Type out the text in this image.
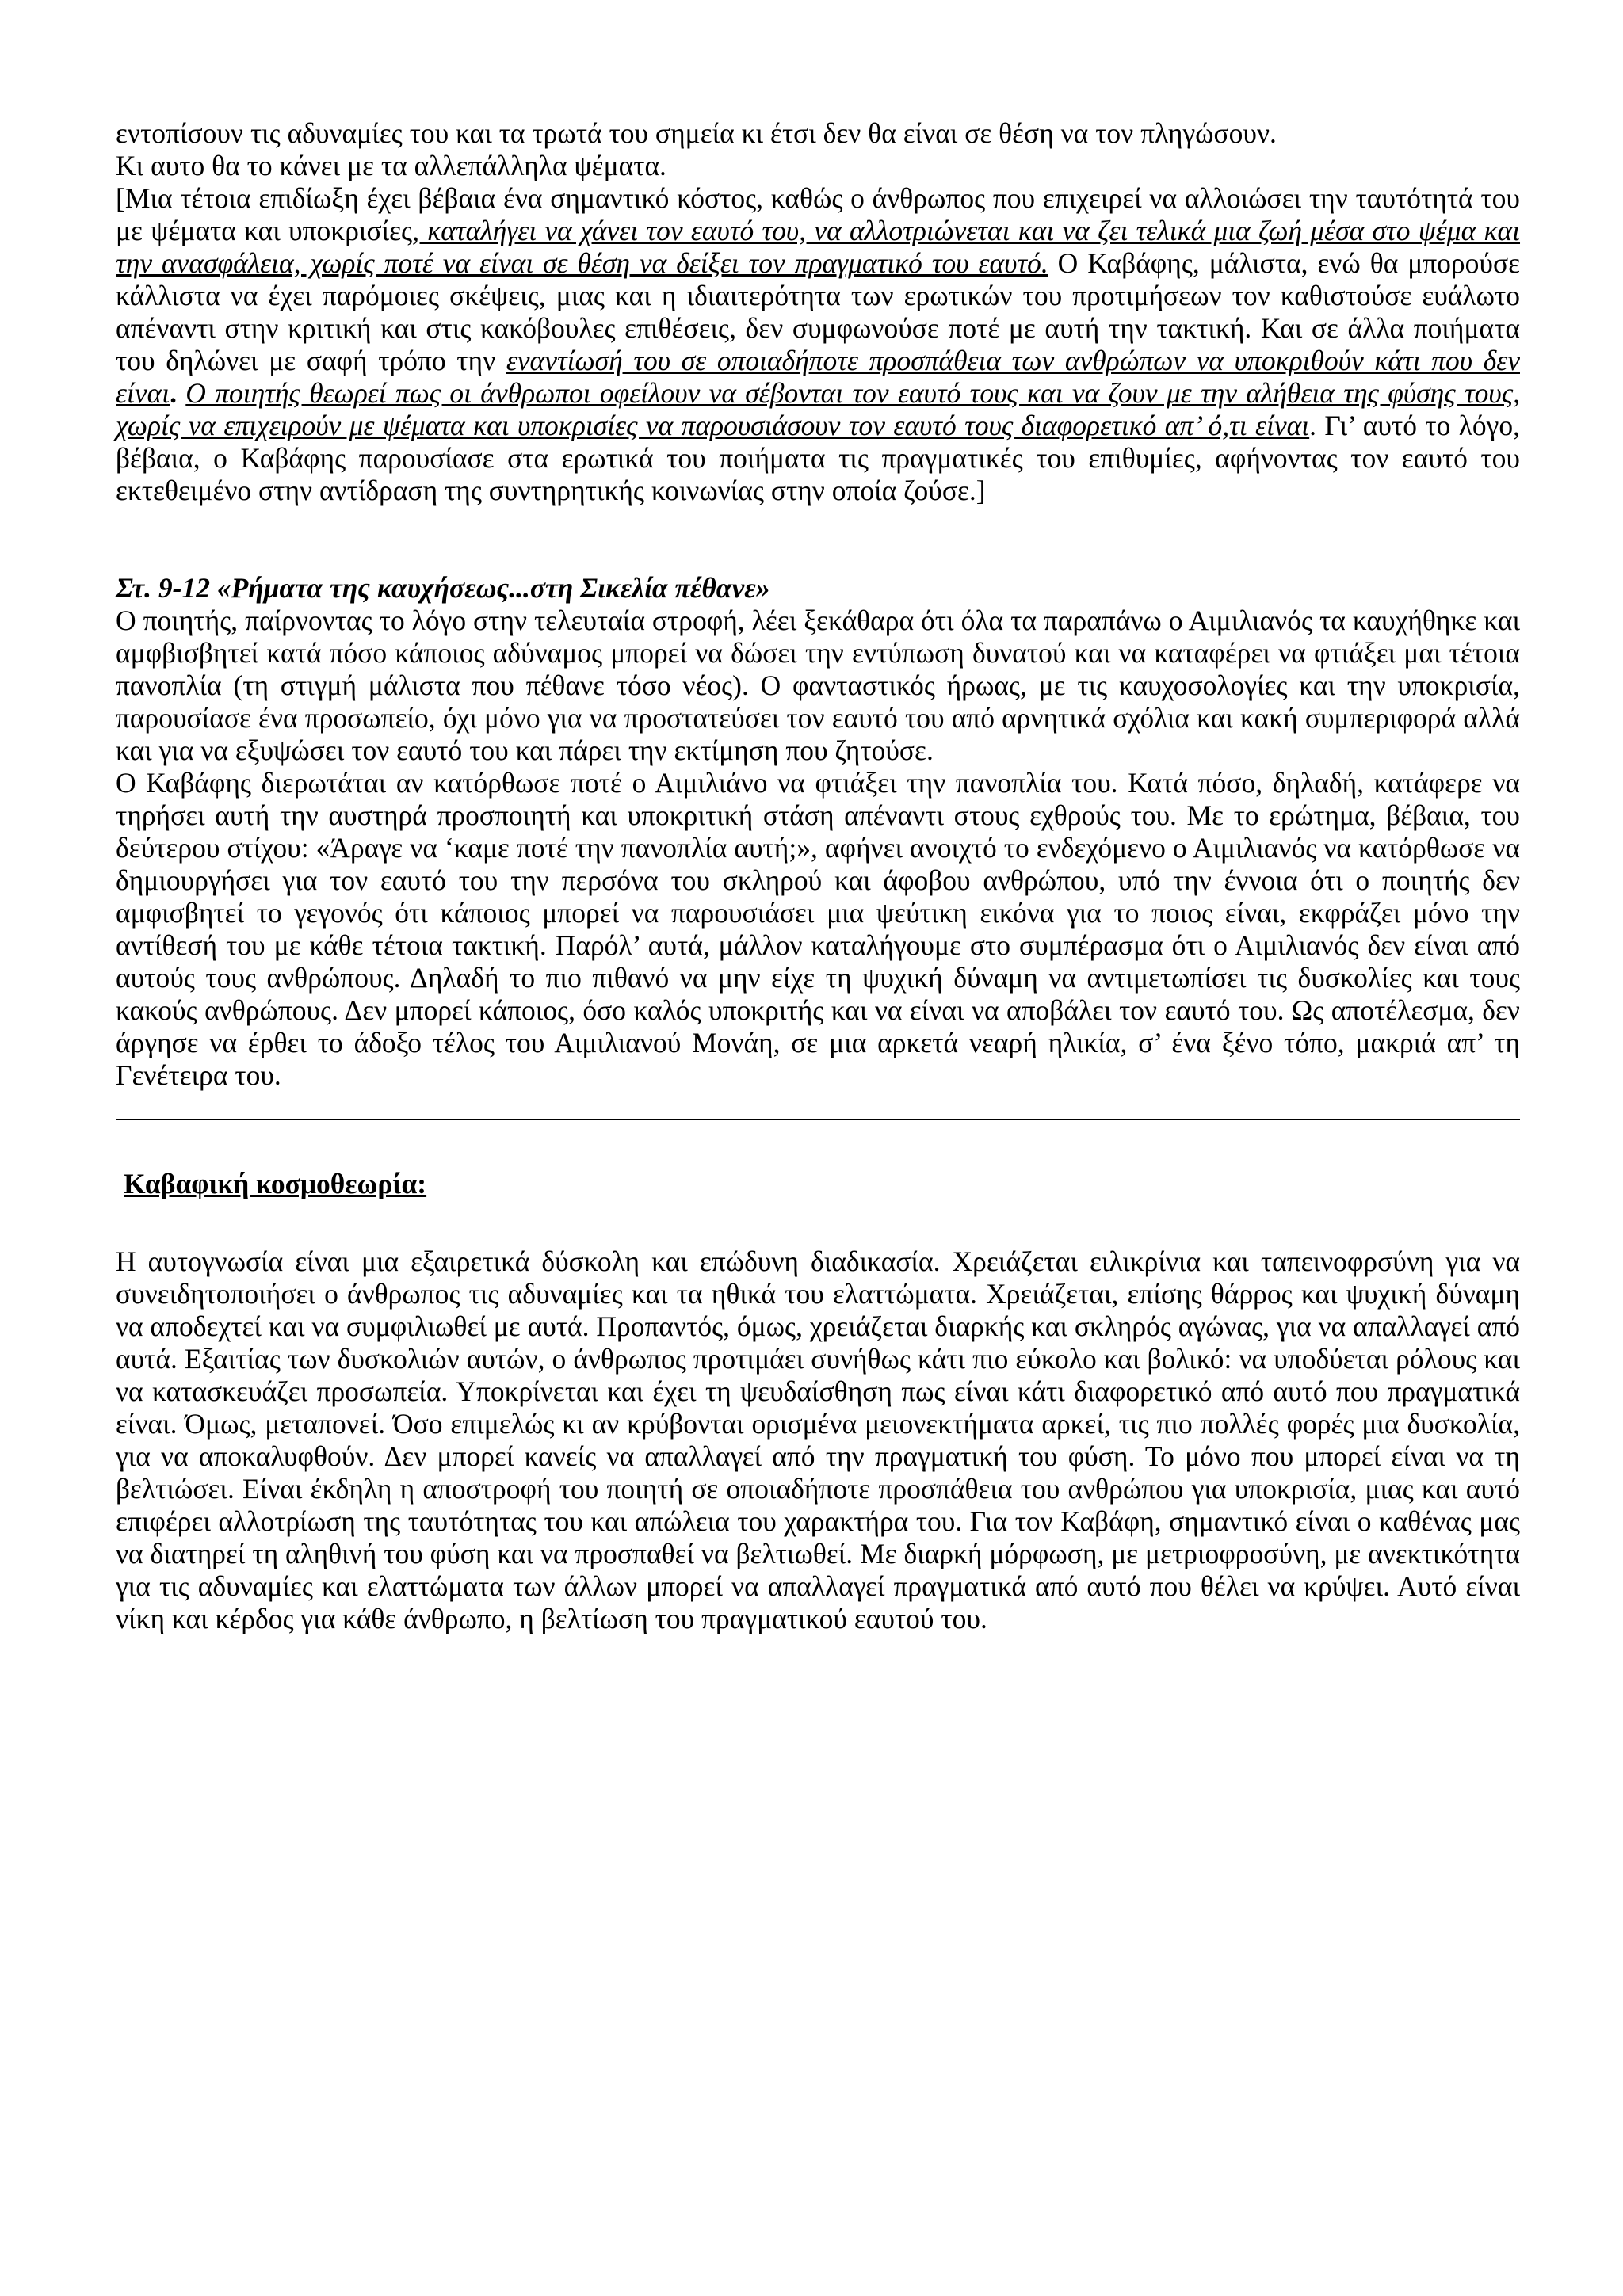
εντοπίσουν τις αδυναμίες του και τα τρωτά του σημεία κι έτσι δεν θα είναι σε θέση να τον πληγώσουν.
Κι αυτο θα το κάνει με τα αλλεπάλληλα ψέματα.

[Μια τέτοια επιδίωξη έχει βέβαια ένα σημαντικό κόστος, καθώς ο άνθρωπος που επιχειρεί να αλλοιώσει την ταυτότητά του με ψέματα και υποκρισίες, καταλήγει να χάνει τον εαυτό του, να αλλοτριώνεται και να ζει τελικά μια ζωή μέσα στο ψέμα και την ανασφάλεια, χωρίς ποτέ να είναι σε θέση να δείξει τον πραγματικό του εαυτό. Ο Καβάφης, μάλιστα, ενώ θα μπορούσε κάλλιστα να έχει παρόμοιες σκέψεις, μιας και η ιδιαιτερότητα των ερωτικών του προτιμήσεων τον καθιστούσε ευάλωτο απέναντι στην κριτική και στις κακόβουλες επιθέσεις, δεν συμφωνούσε ποτέ με αυτή την τακτική. Και σε άλλα ποιήματα του δηλώνει με σαφή τρόπο την εναντίωσή του σε οποιαδήποτε προσπάθεια των ανθρώπων να υποκριθούν κάτι που δεν είναι. Ο ποιητής θεωρεί πως οι άνθρωποι οφείλουν να σέβονται τον εαυτό τους και να ζουν με την αλήθεια της φύσης τους, χωρίς να επιχειρούν με ψέματα και υποκρισίες να παρουσιάσουν τον εαυτό τους διαφορετικό απ’ ό,τι είναι. Γι’ αυτό το λόγο, βέβαια, ο Καβάφης παρουσίασε στα ερωτικά του ποιήματα τις πραγματικές του επιθυμίες, αφήνοντας τον εαυτό του εκτεθειμένο στην αντίδραση της συντηρητικής κοινωνίας στην οποία ζούσε.]

Στ. 9-12 «Ρήματα της καυχήσεως...στη Σικελία πέθανε»

Ο ποιητής, παίρνοντας το λόγο στην τελευταία στροφή, λέει ξεκάθαρα ότι όλα τα παραπάνω ο Αιμιλιανός τα καυχήθηκε και αμφβισβητεί κατά πόσο κάποιος αδύναμος μπορεί να δώσει την εντύπωση δυνατού και να καταφέρει να φτιάξει μαι τέτοια πανοπλία (τη στιγμή μάλιστα που πέθανε τόσο νέος). Ο φανταστικός ήρωας, με τις καυχοσολογίες και την υποκρισία, παρουσίασε ένα προσωπείο, όχι μόνο για να προστατεύσει τον εαυτό του από αρνητικά σχόλια και κακή συμπεριφορά αλλά και για να εξυψώσει τον εαυτό του και πάρει την εκτίμηση που ζητούσε.

Ο Καβάφης διερωτάται αν κατόρθωσε ποτέ ο Αιμιλιάνο να φτιάξει την πανοπλία του. Κατά πόσο, δηλαδή, κατάφερε να τηρήσει αυτή την αυστηρά προσποιητή και υποκριτική στάση απέναντι στους εχθρούς του. Με το ερώτημα, βέβαια, του δεύτερου στίχου: «Άραγε να ‘καμε ποτέ την πανοπλία αυτή;», αφήνει ανοιχτό το ενδεχόμενο ο Αιμιλιανός να κατόρθωσε να δημιουργήσει για τον εαυτό του την περσόνα του σκληρού και άφοβου ανθρώπου, υπό την έννοια ότι ο ποιητής δεν αμφισβητεί το γεγονός ότι κάποιος μπορεί να παρουσιάσει μια ψεύτικη εικόνα για το ποιος είναι, εκφράζει μόνο την αντίθεσή του με κάθε τέτοια τακτική. Παρόλ’ αυτά, μάλλον καταλήγουμε στο συμπέρασμα ότι ο Αιμιλιανός δεν είναι από αυτούς τους ανθρώπους. Δηλαδή το πιο πιθανό να μην είχε τη ψυχική δύναμη να αντιμετωπίσει τις δυσκολίες και τους κακούς ανθρώπους. Δεν μπορεί κάποιος, όσο καλός υποκριτής και να είναι να αποβάλει τον εαυτό του. Ως αποτέλεσμα, δεν άργησε να έρθει το άδοξο τέλος του Αιμιλιανού Μονάη, σε μια αρκετά νεαρή ηλικία, σ’ ένα ξένο τόπο, μακριά απ’ τη Γενέτειρα του.

Καβαφική κοσμοθεωρία:

Η αυτογνωσία είναι μια εξαιρετικά δύσκολη και επώδυνη διαδικασία. Χρειάζεται ειλικρίνια και ταπεινοφρσύνη για να συνειδητοποιήσει ο άνθρωπος τις αδυναμίες και τα ηθικά του ελαττώματα. Χρειάζεται, επίσης θάρρος και ψυχική δύναμη να αποδεχτεί και να συμφιλιωθεί με αυτά. Προπαντός, όμως, χρειάζεται διαρκής και σκληρός αγώνας, για να απαλλαγεί από αυτά. Εξαιτίας των δυσκολιών αυτών, ο άνθρωπος προτιμάει συνήθως κάτι πιο εύκολο και βολικό: να υποδύεται ρόλους και να κατασκευάζει προσωπεία. Υποκρίνεται και έχει τη ψευδαίσθηση πως είναι κάτι διαφορετικό από αυτό που πραγματικά είναι. Όμως, μεταπονεί. Όσο επιμελώς κι αν κρύβονται ορισμένα μειονεκτήματα αρκεί, τις πιο πολλές φορές μια δυσκολία, για να αποκαλυφθούν. Δεν μπορεί κανείς να απαλλαγεί από την πραγματική του φύση. Το μόνο που μπορεί είναι να τη βελτιώσει. Είναι έκδηλη η αποστροφή του ποιητή σε οποιαδήποτε προσπάθεια του ανθρώπου για υποκρισία, μιας και αυτό επιφέρει αλλοτρίωση της ταυτότητας του και απώλεια του χαρακτήρα του. Για τον Καβάφη, σημαντικό είναι ο καθένας μας να διατηρεί τη αληθινή του φύση και να προσπαθεί να βελτιωθεί. Με διαρκή μόρφωση, με μετριοφροσύνη, με ανεκτικότητα για τις αδυναμίες και ελαττώματα των άλλων μπορεί να απαλλαγεί πραγματικά από αυτό που θέλει να κρύψει. Αυτό είναι νίκη και κέρδος για κάθε άνθρωπο, η βελτίωση του πραγματικού εαυτού του.
